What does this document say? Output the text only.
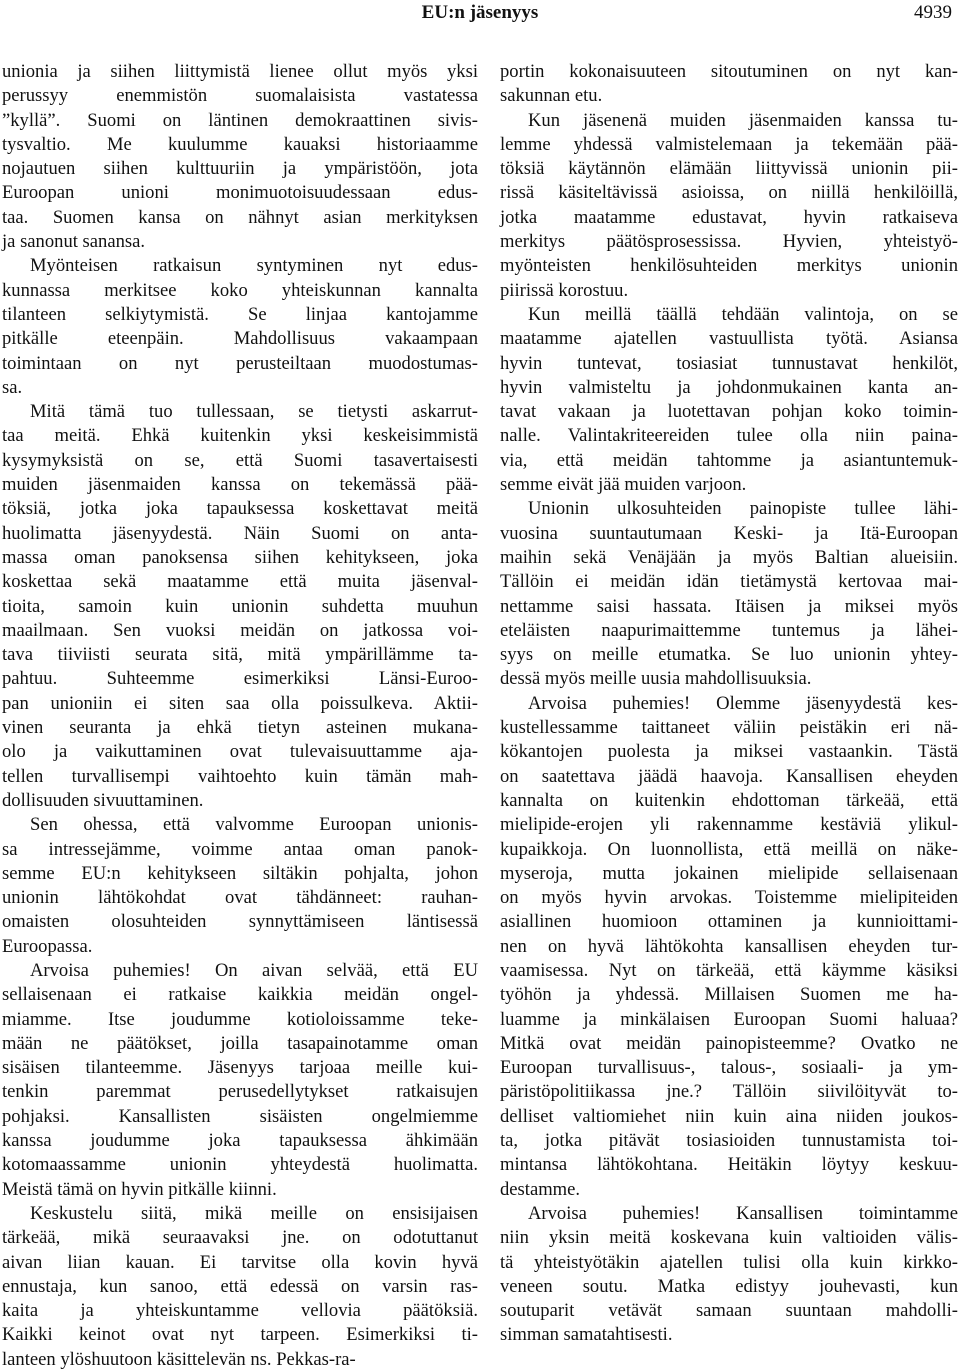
EU:n jäsenyys	4939
unionia ja siihen liittymistä lienee ollut myös yksi
perussyy enemmistön suomalaisista vastatessa
”kyllä”. Suomi on läntinen demokraattinen sivis-
tysvaltio. Me kuulumme kauaksi historiaamme
nojautuen siihen kulttuuriin ja ympäristöön, jota
Euroopan unioni monimuotoisuudessaan edus-
taa. Suomen kansa on nähnyt asian merkityksen
ja sanonut sanansa.
Myönteisen ratkaisun syntyminen nyt edus-
kunnassa merkitsee koko yhteiskunnan kannalta
tilanteen selkiytymistä. Se linjaa kantojamme
pitkälle eteenpäin. Mahdollisuus vakaampaan
toimintaan on nyt perusteiltaan muodostumas-
sa.
Mitä tämä tuo tullessaan, se tietysti askarrut-
taa meitä. Ehkä kuitenkin yksi keskeisimmistä
kysymyksistä on se, että Suomi tasavertaisesti
muiden jäsenmaiden kanssa on tekemässä pää-
töksiä, jotka joka tapauksessa koskettavat meitä
huolimatta jäsenyydestä. Näin Suomi on anta-
massa oman panoksensa siihen kehitykseen, joka
koskettaa sekä maatamme että muita jäsenval-
tioita, samoin kuin unionin suhdetta muuhun
maailmaan. Sen vuoksi meidän on jatkossa voi-
tava tiiviisti seurata sitä, mitä ympärillämme ta-
pahtuu. Suhteemme esimerkiksi Länsi-Euroo-
pan unioniin ei siten saa olla poissulkeva. Aktii-
vinen seuranta ja ehkä tietyn asteinen mukana-
olo ja vaikuttaminen ovat tulevaisuuttamme aja-
tellen turvallisempi vaihtoehto kuin tämän mah-
dollisuuden sivuuttaminen.
Sen ohessa, että valvomme Euroopan unionis-
sa intressejämme, voimme antaa oman panok-
semme EU:n kehitykseen siltäkin pohjalta, johon
unionin lähtökohdat ovat tähdänneet: rauhan-
omaisten olosuhteiden synnyttämiseen läntisessä
Euroopassa.
Arvoisa puhemies! On aivan selvää, että EU
sellaisenaan ei ratkaise kaikkia meidän ongel-
miamme. Itse joudumme kotioloissamme teke-
mään ne päätökset, joilla tasapainotamme oman
sisäisen tilanteemme. Jäsenyys tarjoaa meille kui-
tenkin paremmat perusedellytykset ratkaisujen
pohjaksi. Kansallisten sisäisten ongelmiemme
kanssa joudumme joka tapauksessa ähkimään
kotomaassamme unionin yhteydestä huolimatta.
Meistä tämä on hyvin pitkälle kiinni.
Keskustelu siitä, mikä meille on ensisijaisen
tärkeää, mikä seuraavaksi jne. on odotuttanut
aivan liian kauan. Ei tarvitse olla kovin hyvä
ennustaja, kun sanoo, että edessä on varsin ras-
kaita ja yhteiskuntamme vellovia päätöksiä.
Kaikki keinot ovat nyt tarpeen. Esimerkiksi ti-
lanteen ylöshuutoon käsittelevän ns. Pekkas-ra-
portin kokonaisuuteen sitoutuminen on nyt kan-
sakunnan etu.
Kun jäsenenä muiden jäsenmaiden kanssa tu-
lemme yhdessä valmistelemaan ja tekemään pää-
töksiä käytännön elämään liittyvissä unionin pii-
rissä käsiteltävissä asioissa, on niillä henkilöillä,
jotka maatamme edustavat, hyvin ratkaiseva
merkitys päätösprosessissa. Hyvien, yhteistyö-
myönteisten henkilösuhteiden merkitys unionin
piirissä korostuu.
Kun meillä täällä tehdään valintoja, on se
maatamme ajatellen vastuullista työtä. Asiansa
hyvin tuntevat, tosiasiat tunnustavat henkilöt,
hyvin valmisteltu ja johdonmukainen kanta an-
tavat vakaan ja luotettavan pohjan koko toimin-
nalle. Valintakriteereiden tulee olla niin paina-
via, että meidän tahtomme ja asiantuntemuk-
semme eivät jää muiden varjoon.
Unionin ulkosuhteiden painopiste tullee lähi-
vuosina suuntautumaan Keski- ja Itä-Euroopan
maihin sekä Venäjään ja myös Baltian alueisiin.
Tällöin ei meidän idän tietämystä kertovaa mai-
nettamme saisi hassata. Itäisen ja miksei myös
eteläisten naapurimaittemme tuntemus ja lähei-
syys on meille etumatka. Se luo unionin yhtey-
dessä myös meille uusia mahdollisuuksia.
Arvoisa puhemies! Olemme jäsenyydestä kes-
kustellessamme taittaneet väliin peistäkin eri nä-
kökantojen puolesta ja miksei vastaankin. Tästä
on saatettava jäädä haavoja. Kansallisen eheyden
kannalta on kuitenkin ehdottoman tärkeää, että
mielipide-erojen yli rakennamme kestäviä ylikul-
kupaikkoja. On luonnollista, että meillä on näke-
myseroja, mutta jokainen mielipide sellaisenaan
on myös hyvin arvokas. Toistemme mielipiteiden
asiallinen huomioon ottaminen ja kunnioittami-
nen on hyvä lähtökohta kansallisen eheyden tur-
vaamisessa. Nyt on tärkeää, että käymme käsiksi
työhön ja yhdessä. Millaisen Suomen me ha-
luamme ja minkälaisen Euroopan Suomi haluaa?
Mitkä ovat meidän painopisteemme? Ovatko ne
Euroopan turvallisuus-, talous-, sosiaali- ja ym-
päristöpolitiikassa jne.? Tällöin siivilöityvät to-
delliset valtiomiehet niin kuin aina niiden joukos-
ta, jotka pitävät tosiasioiden tunnustamista toi-
mintansa lähtökohtana. Heitäkin löytyy keskuu-
destamme.
Arvoisa puhemies! Kansallisen toimintamme
niin yksin meitä koskevana kuin valtioiden välis-
tä yhteistyötäkin ajatellen tulisi olla kuin kirkko-
veneen soutu. Matka edistyy jouhevasti, kun
soutuparit vetävät samaan suuntaan mahdolli-
simman samatahtisesti.
